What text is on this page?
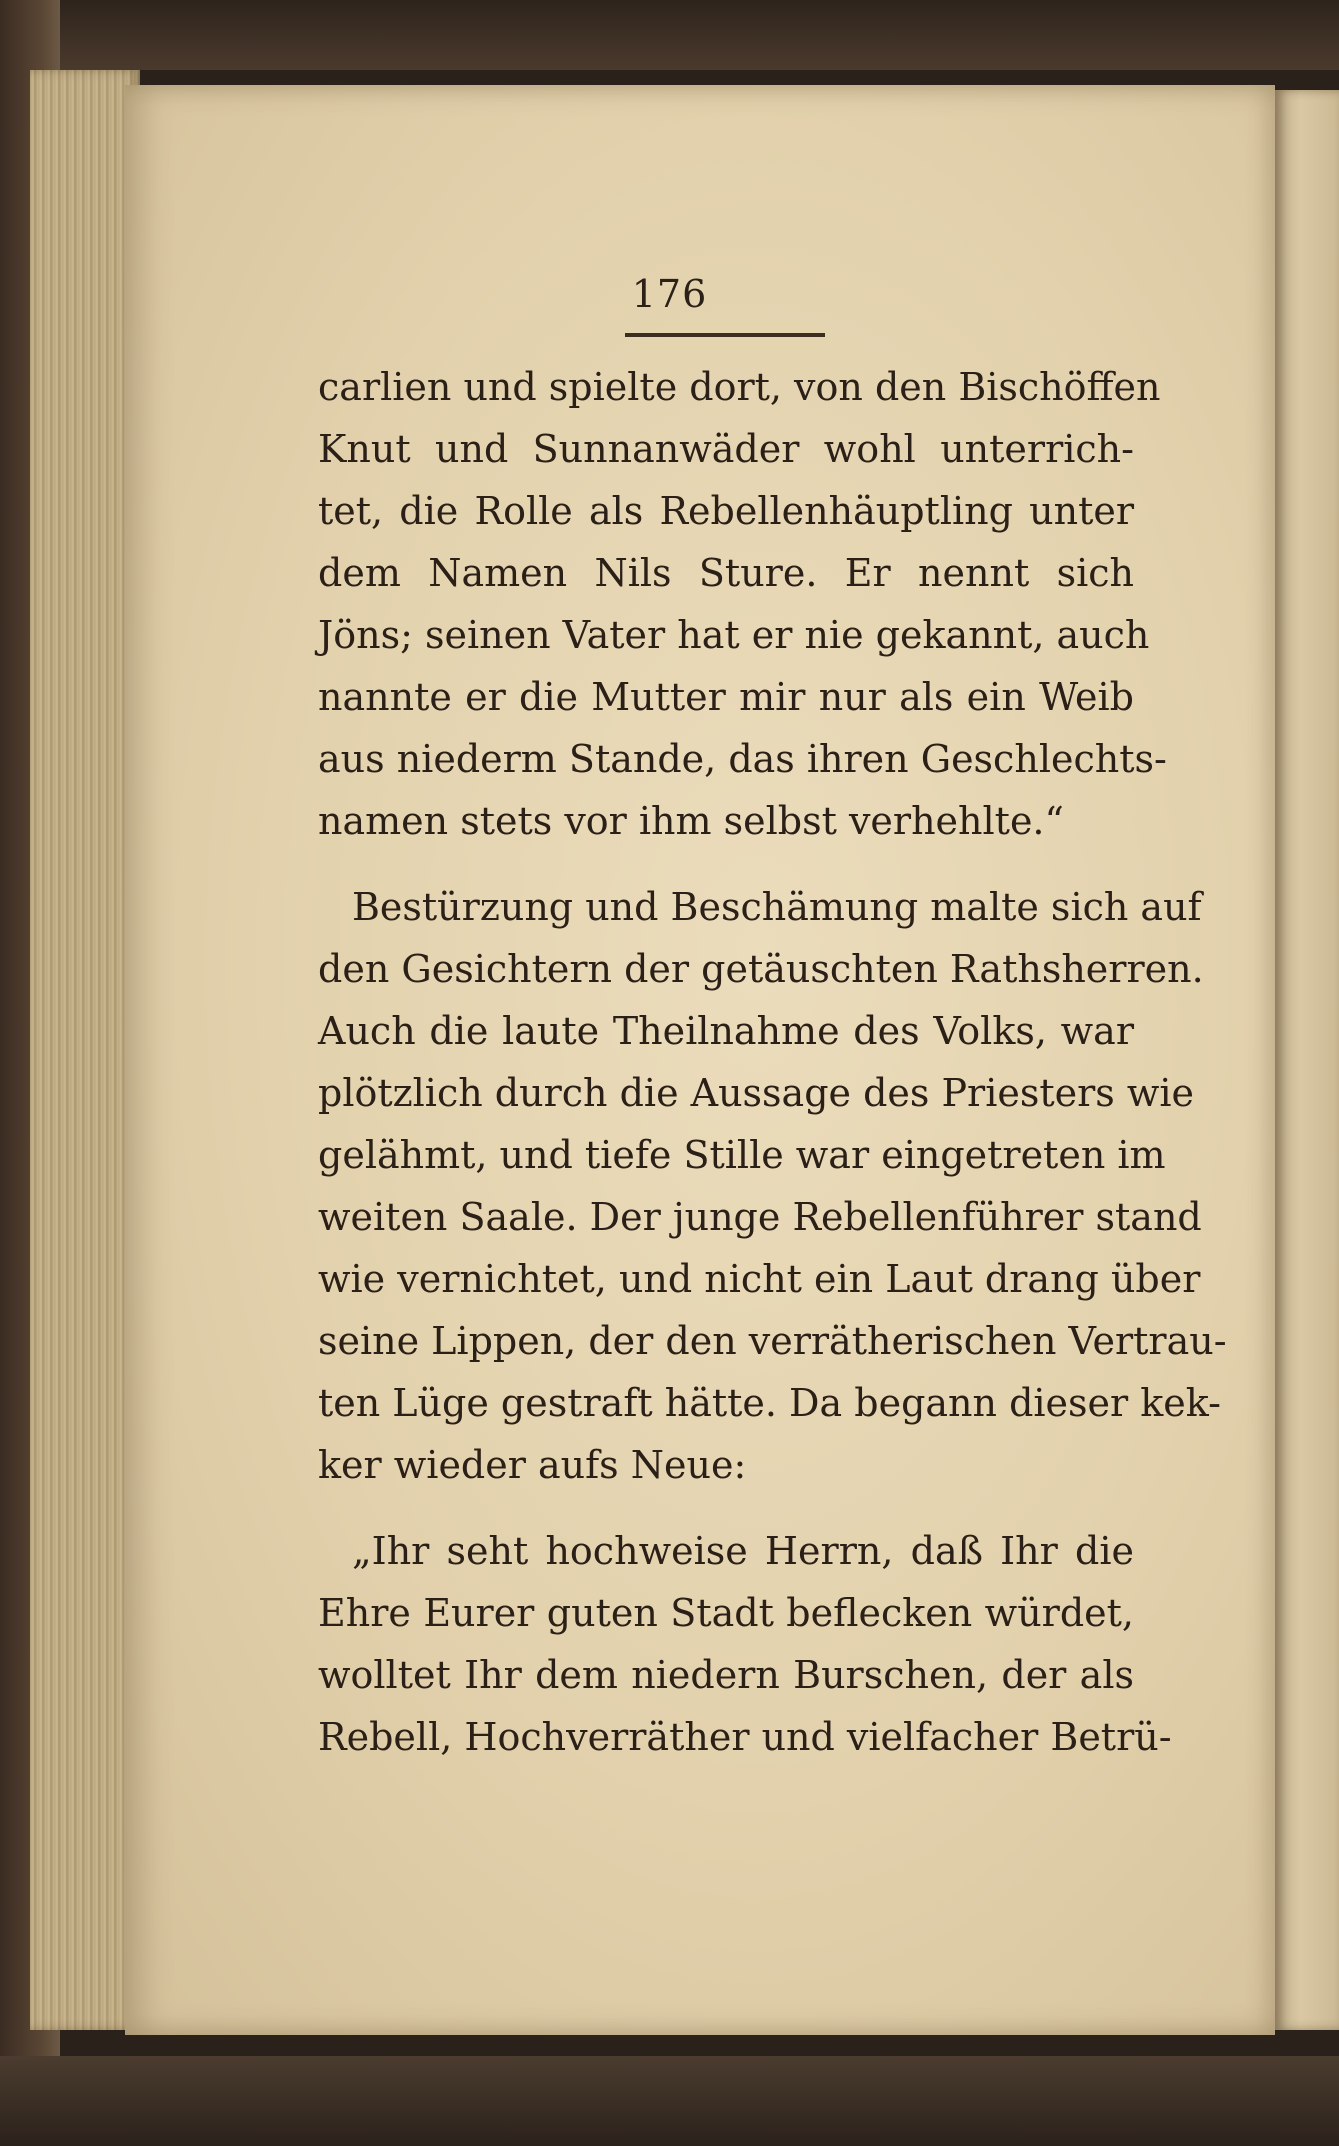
176
carlien und spielte dort, von den Bischöffen
Knut und Sunnanwäder wohl unterrich-
tet, die Rolle als Rebellenhäuptling unter
dem Namen Nils Sture. Er nennt sich
Jöns; seinen Vater hat er nie gekannt, auch
nannte er die Mutter mir nur als ein Weib
aus niederm Stande, das ihren Geschlechts-
namen stets vor ihm selbst verhehlte.“
Bestürzung und Beschämung malte sich auf
den Gesichtern der getäuschten Rathsherren.
Auch die laute Theilnahme des Volks, war
plötzlich durch die Aussage des Priesters wie
gelähmt, und tiefe Stille war eingetreten im
weiten Saale. Der junge Rebellenführer stand
wie vernichtet, und nicht ein Laut drang über
seine Lippen, der den verrätherischen Vertrau-
ten Lüge gestraft hätte. Da begann dieser kek-
ker wieder aufs Neue:
„Ihr seht hochweise Herrn, daß Ihr die
Ehre Eurer guten Stadt beflecken würdet,
wolltet Ihr dem niedern Burschen, der als
Rebell, Hochverräther und vielfacher Betrü-
